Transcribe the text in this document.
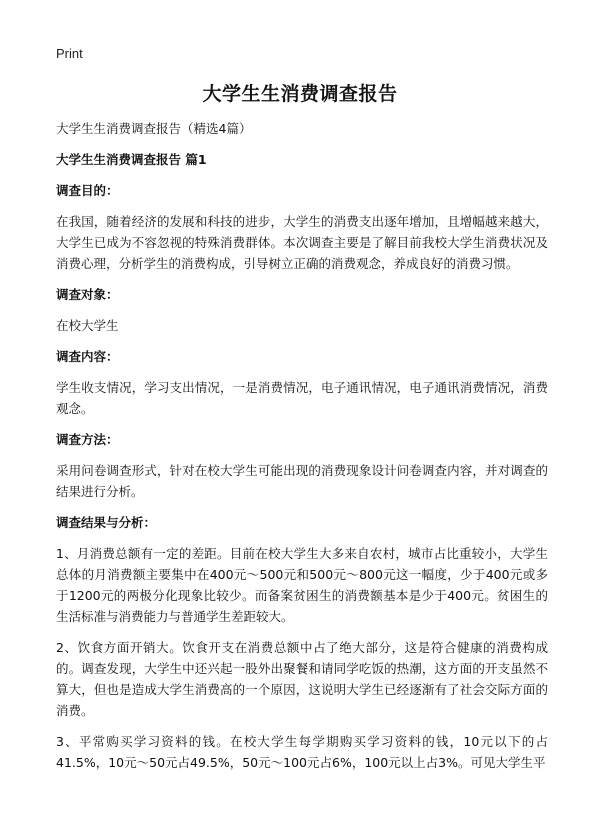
Print
大学生生消费调查报告

大学生生消费调查报告（精选4篇）

大学生生消费调查报告 篇1

调查目的：

在我国，随着经济的发展和科技的进步，大学生的消费支出逐年增加，且增幅越来越大，大学生已成为不容忽视的特殊消费群体。本次调查主要是了解目前我校大学生消费状况及消费心理，分析学生的消费构成，引导树立正确的消费观念，养成良好的消费习惯。

调查对象：

在校大学生

调查内容：

学生收支情况，学习支出情况，一是消费情况，电子通讯情况，电子通讯消费情况，消费观念。

调查方法：

采用问卷调查形式，针对在校大学生可能出现的消费现象设计问卷调查内容，并对调查的结果进行分析。

调查结果与分析：

1、月消费总额有一定的差距。目前在校大学生大多来自农村，城市占比重较小，大学生总体的月消费额主要集中在400元～500元和500元～800元这一幅度，少于400元或多于1200元的两极分化现象比较少。而备案贫困生的消费额基本是少于400元。贫困生的生活标准与消费能力与普通学生差距较大。

2、饮食方面开销大。饮食开支在消费总额中占了绝大部分，这是符合健康的消费构成的。调查发现，大学生中还兴起一股外出聚餐和请同学吃饭的热潮，这方面的开支虽然不算大，但也是造成大学生消费高的一个原因，这说明大学生已经逐渐有了社会交际方面的消费。

3、平常购买学习资料的钱。在校大学生每学期购买学习资料的钱，10元以下的占41.5%，10元～50元占49.5%，50元～100元占6%，100元以上占3%。可见大学生平
